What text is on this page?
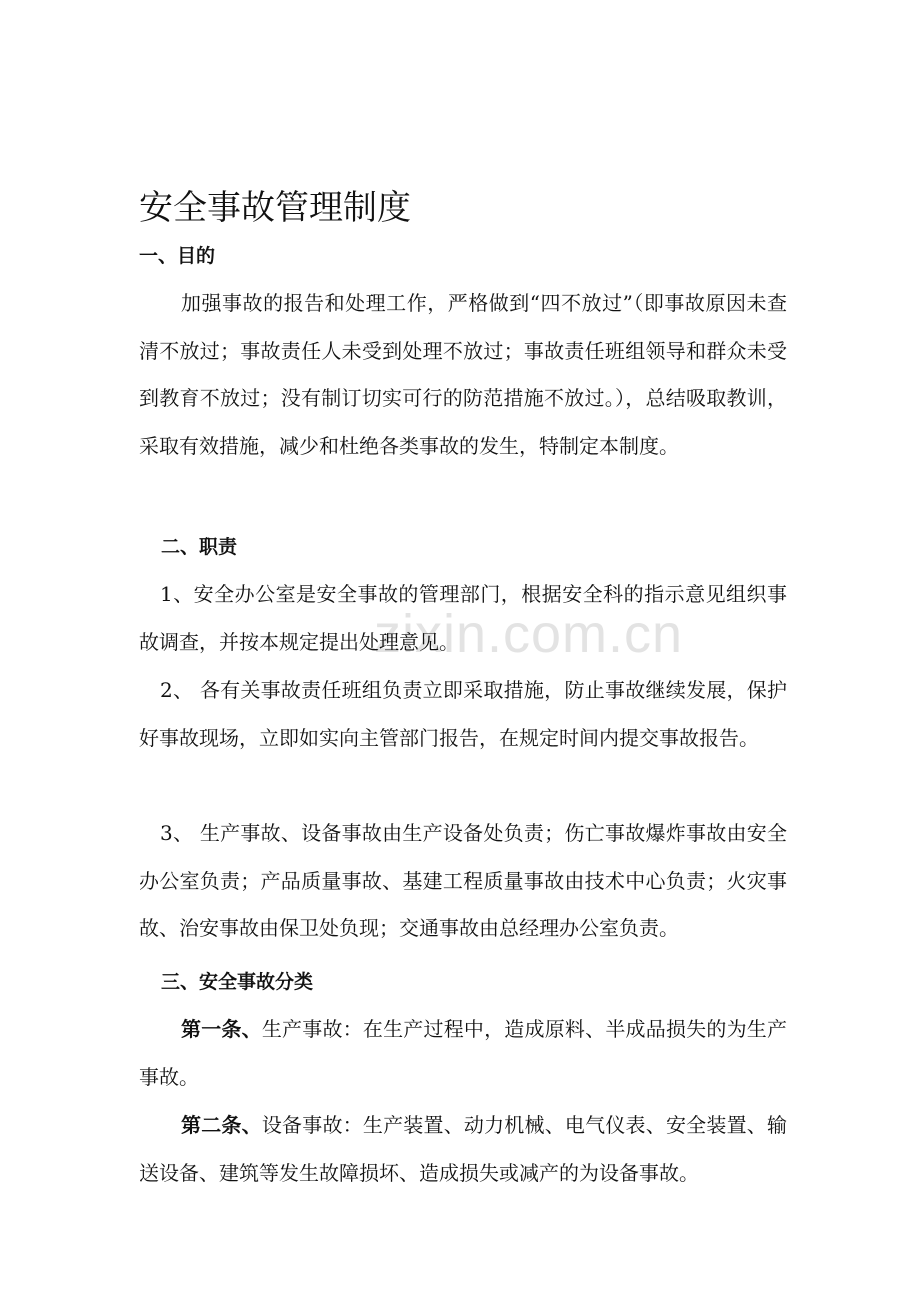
zixin.com.cn
安全事故管理制度
一、目的

加强事故的报告和处理工作，严格做到“四不放过”（即事故原因未查清不放过；事故责任人未受到处理不放过；事故责任班组领导和群众未受到教育不放过；没有制订切实可行的防范措施不放过。），总结吸取教训，采取有效措施，减少和杜绝各类事故的发生，特制定本制度。

二、职责

1、安全办公室是安全事故的管理部门，根据安全科的指示意见组织事故调查，并按本规定提出处理意见。

2、 各有关事故责任班组负责立即采取措施，防止事故继续发展，保护好事故现场，立即如实向主管部门报告，在规定时间内提交事故报告。

3、 生产事故、设备事故由生产设备处负责；伤亡事故爆炸事故由安全办公室负责；产品质量事故、基建工程质量事故由技术中心负责；火灾事故、治安事故由保卫处负现；交通事故由总经理办公室负责。

三、安全事故分类

第一条、生产事故：在生产过程中，造成原料、半成品损失的为生产事故。

第二条、设备事故：生产装置、动力机械、电气仪表、安全装置、输送设备、建筑等发生故障损坏、造成损失或减产的为设备事故。
